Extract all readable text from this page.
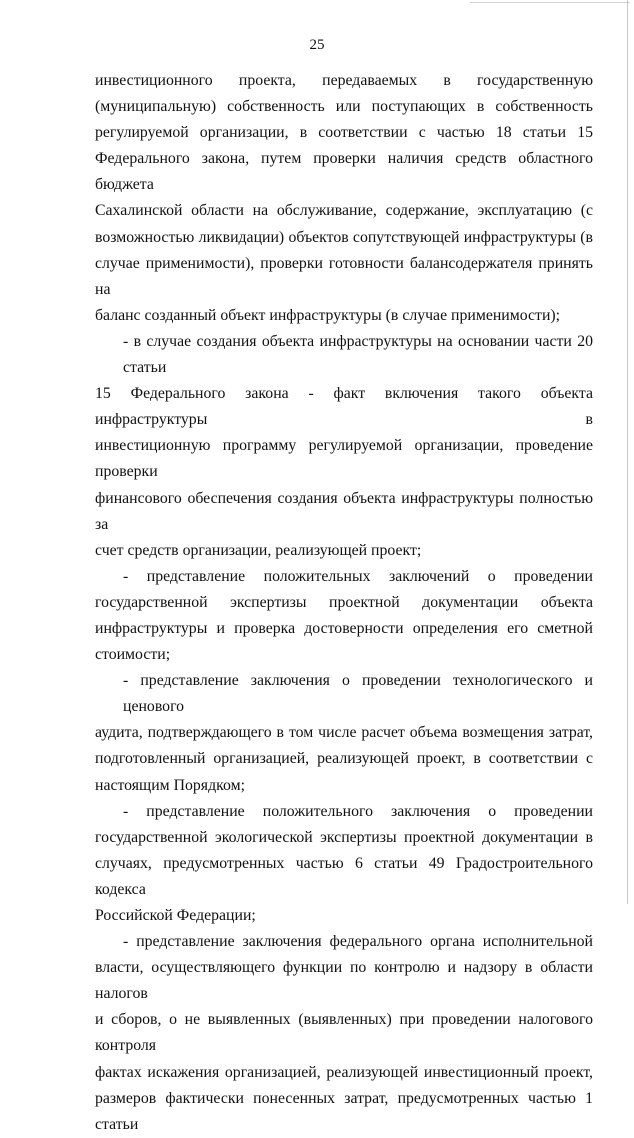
25
инвестиционного проекта, передаваемых в государственную
(муниципальную) собственность или поступающих в собственность
регулируемой организации, в соответствии с частью 18 статьи 15
Федерального закона, путем проверки наличия средств областного бюджета
Сахалинской области на обслуживание, содержание, эксплуатацию (с
возможностью ликвидации) объектов сопутствующей инфраструктуры (в
случае применимости), проверки готовности балансодержателя принять на
баланс созданный объект инфраструктуры (в случае применимости);
- в случае создания объекта инфраструктуры на основании части 20 статьи
15 Федерального закона - факт включения такого объекта инфраструктуры в
инвестиционную программу регулируемой организации, проведение проверки
финансового обеспечения создания объекта инфраструктуры полностью за
счет средств организации, реализующей проект;
- представление положительных заключений о проведении
государственной экспертизы проектной документации объекта
инфраструктуры и проверка достоверности определения его сметной
стоимости;
- представление заключения о проведении технологического и ценового
аудита, подтверждающего в том числе расчет объема возмещения затрат,
подготовленный организацией, реализующей проект, в соответствии с
настоящим Порядком;
- представление положительного заключения о проведении
государственной экологической экспертизы проектной документации в
случаях, предусмотренных частью 6 статьи 49 Градостроительного кодекса
Российской Федерации;
- представление заключения федерального органа исполнительной
власти, осуществляющего функции по контролю и надзору в области налогов
и сборов, о не выявленных (выявленных) при проведении налогового контроля
фактах искажения организацией, реализующей инвестиционный проект,
размеров фактически понесенных затрат, предусмотренных частью 1 статьи
